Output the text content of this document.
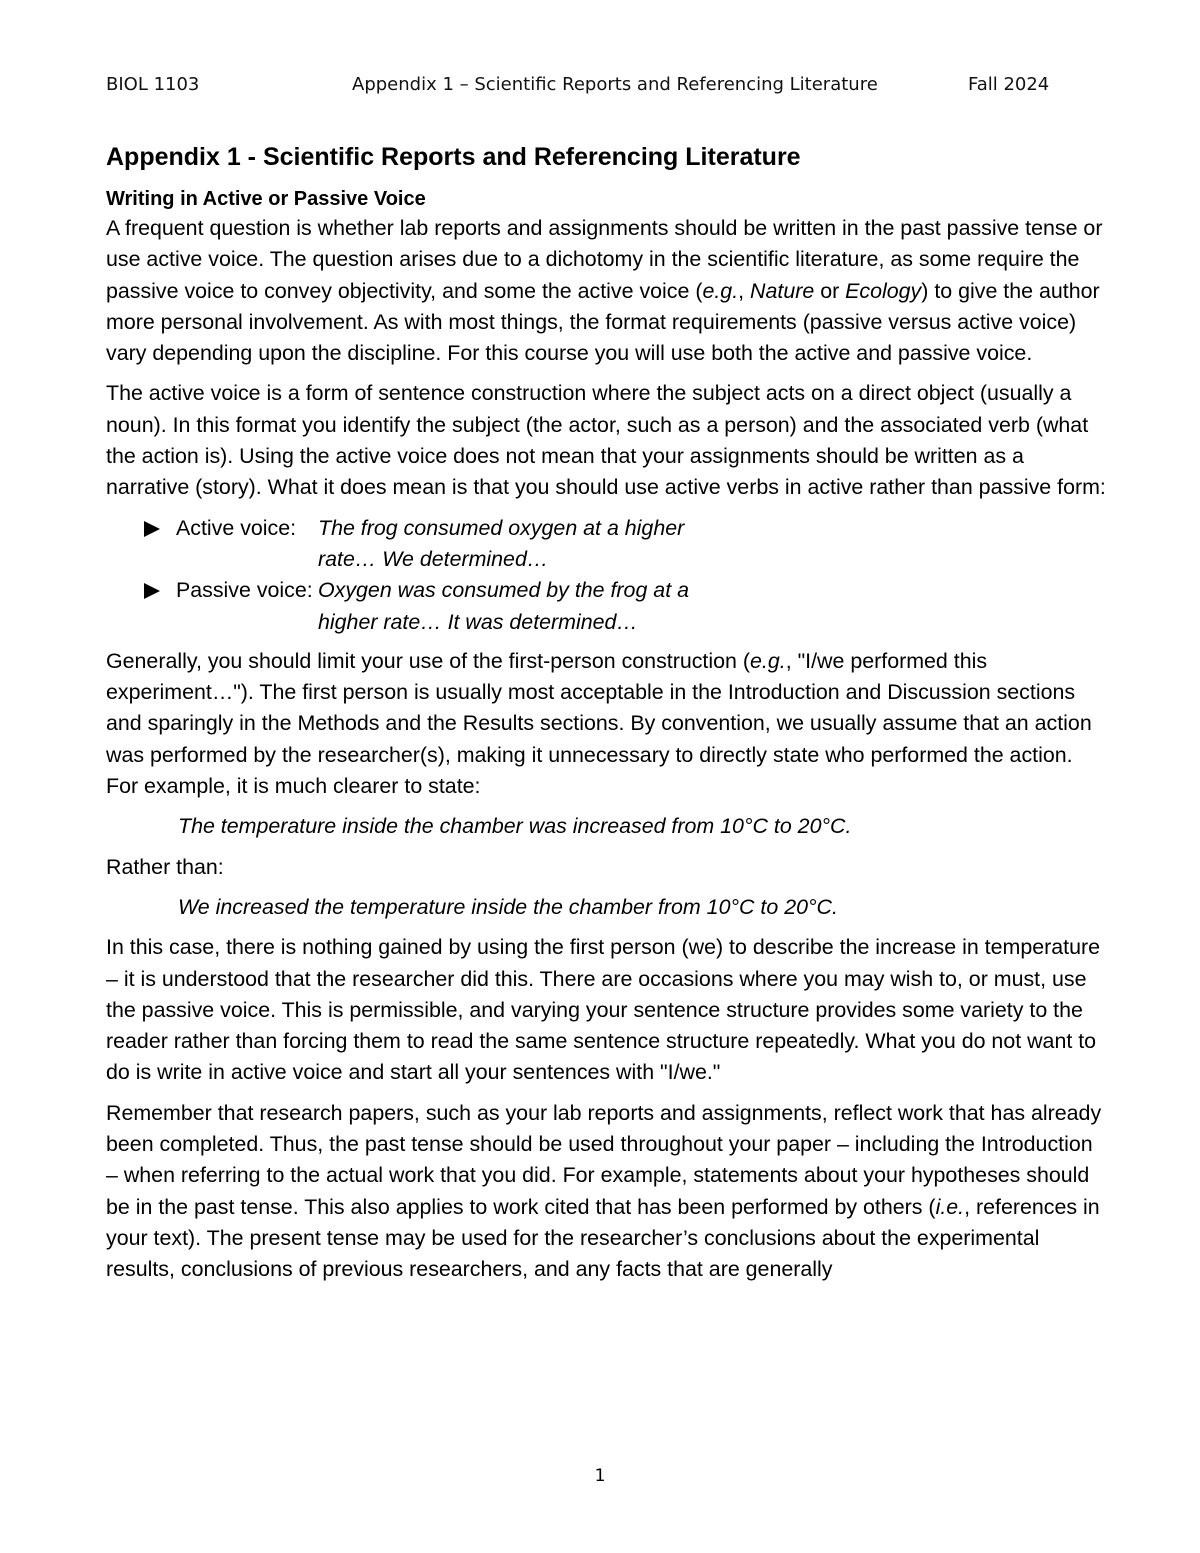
BIOL 1103	Appendix 1 – Scientific Reports and Referencing Literature	Fall 2024
Appendix 1 - Scientific Reports and Referencing Literature
Writing in Active or Passive Voice

A frequent question is whether lab reports and assignments should be written in the past passive tense or use active voice. The question arises due to a dichotomy in the scientific literature, as some require the passive voice to convey objectivity, and some the active voice (e.g., Nature or Ecology) to give the author more personal involvement. As with most things, the format requirements (passive versus active voice) vary depending upon the discipline. For this course you will use both the active and passive voice.

The active voice is a form of sentence construction where the subject acts on a direct object (usually a noun). In this format you identify the subject (the actor, such as a person) and the associated verb (what the action is). Using the active voice does not mean that your assignments should be written as a narrative (story). What it does mean is that you should use active verbs in active rather than passive form:

Active voice:	The frog consumed oxygen at a higher rate… We determined…
Passive voice: Oxygen was consumed by the frog at a higher rate… It was determined…

Generally, you should limit your use of the first-person construction (e.g., "I/we performed this experiment…"). The first person is usually most acceptable in the Introduction and Discussion sections and sparingly in the Methods and the Results sections. By convention, we usually assume that an action was performed by the researcher(s), making it unnecessary to directly state who performed the action. For example, it is much clearer to state:

The temperature inside the chamber was increased from 10°C to 20°C.

Rather than:

We increased the temperature inside the chamber from 10°C to 20°C.

In this case, there is nothing gained by using the first person (we) to describe the increase in temperature – it is understood that the researcher did this. There are occasions where you may wish to, or must, use the passive voice. This is permissible, and varying your sentence structure provides some variety to the reader rather than forcing them to read the same sentence structure repeatedly. What you do not want to do is write in active voice and start all your sentences with "I/we."

Remember that research papers, such as your lab reports and assignments, reflect work that has already been completed. Thus, the past tense should be used throughout your paper – including the Introduction – when referring to the actual work that you did. For example, statements about your hypotheses should be in the past tense. This also applies to work cited that has been performed by others (i.e., references in your text). The present tense may be used for the researcher’s conclusions about the experimental results, conclusions of previous researchers, and any facts that are generally

1
